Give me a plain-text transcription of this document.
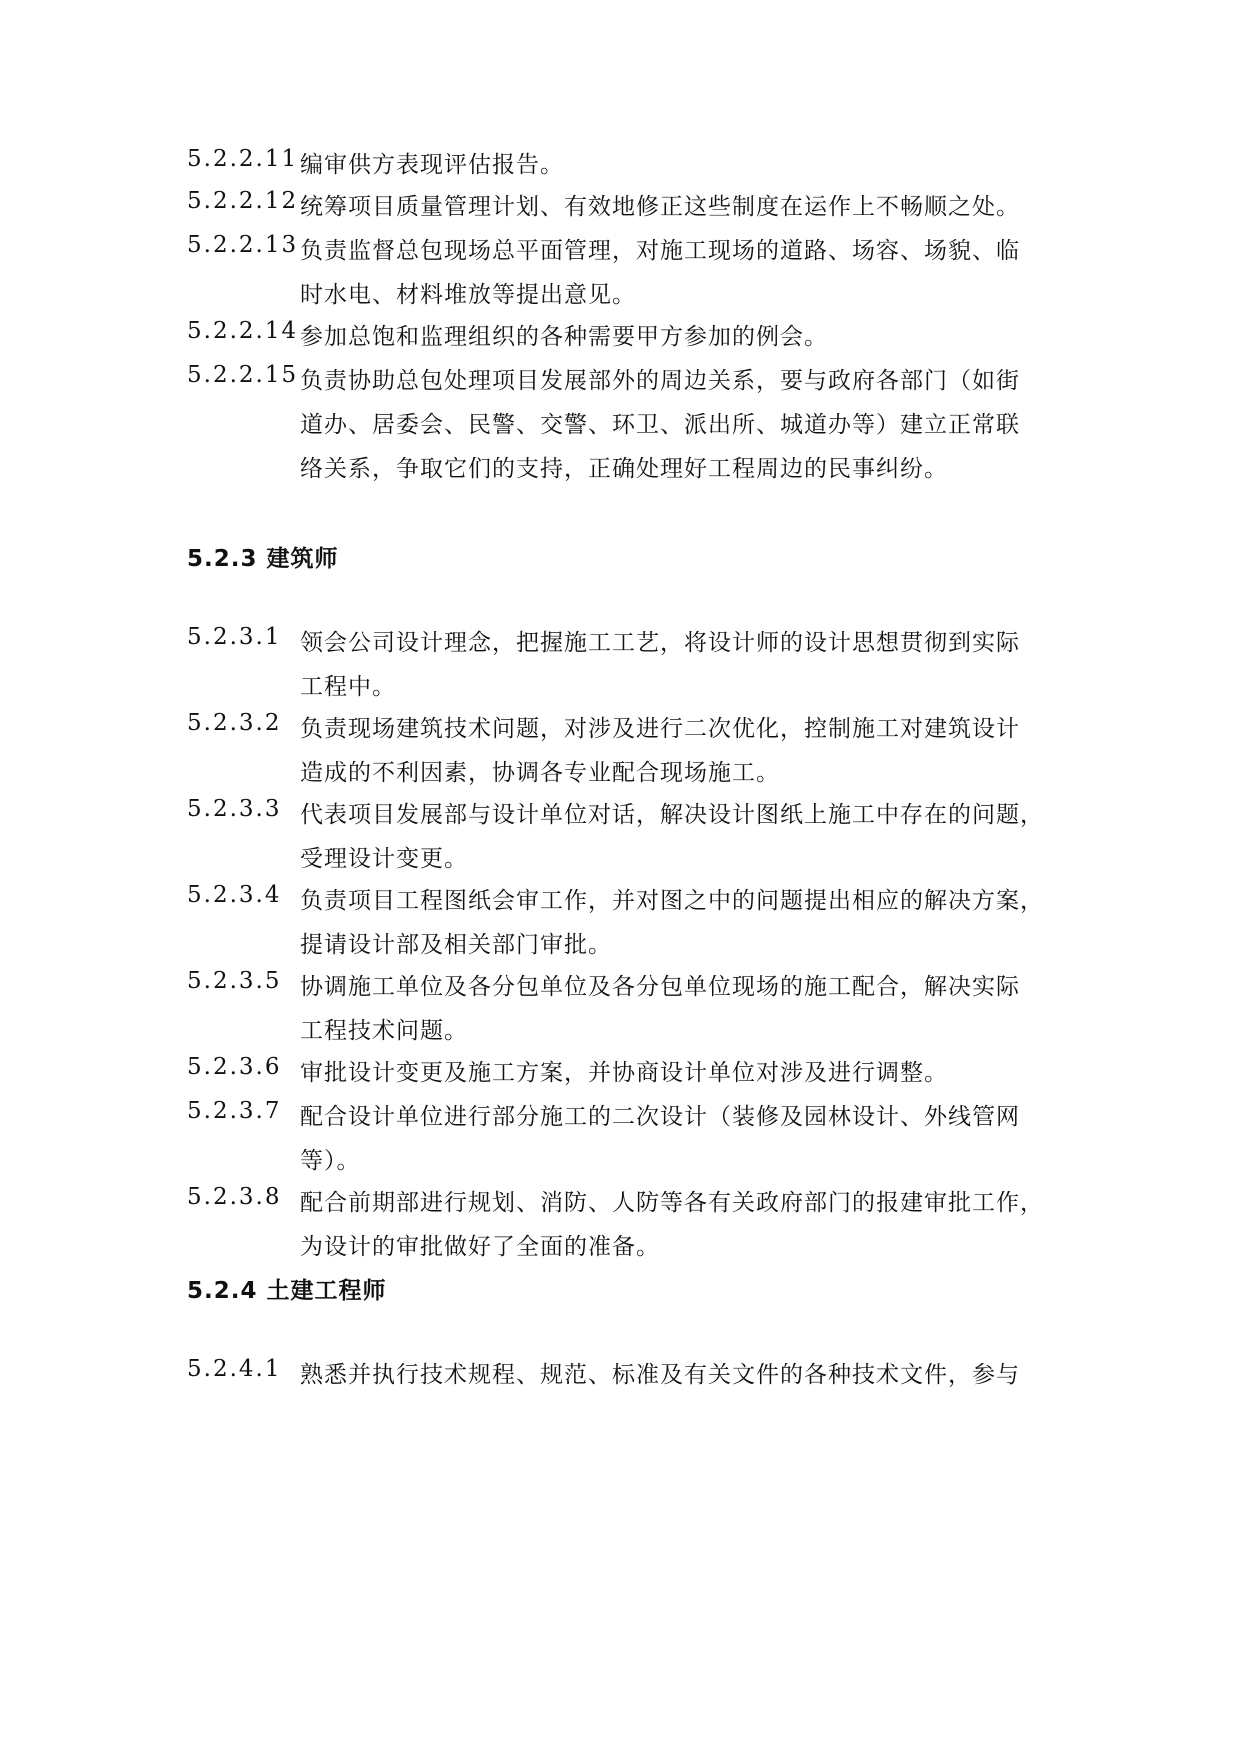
5.2.2.11 编审供方表现评估报告。
5.2.2.12 统筹项目质量管理计划、有效地修正这些制度在运作上不畅顺之处。
5.2.2.13 负责监督总包现场总平面管理，对施工现场的道路、场容、场貌、临
时水电、材料堆放等提出意见。
5.2.2.14 参加总饱和监理组织的各种需要甲方参加的例会。
5.2.2.15 负责协助总包处理项目发展部外的周边关系，要与政府各部门（如街
道办、居委会、民警、交警、环卫、派出所、城道办等）建立正常联
络关系，争取它们的支持，正确处理好工程周边的民事纠纷。
5.2.3 建筑师
5.2.3.1 领会公司设计理念，把握施工工艺，将设计师的设计思想贯彻到实际
工程中。
5.2.3.2 负责现场建筑技术问题，对涉及进行二次优化，控制施工对建筑设计
造成的不利因素，协调各专业配合现场施工。
5.2.3.3 代表项目发展部与设计单位对话，解决设计图纸上施工中存在的问题，
受理设计变更。
5.2.3.4 负责项目工程图纸会审工作，并对图之中的问题提出相应的解决方案，
提请设计部及相关部门审批。
5.2.3.5 协调施工单位及各分包单位及各分包单位现场的施工配合，解决实际
工程技术问题。
5.2.3.6 审批设计变更及施工方案，并协商设计单位对涉及进行调整。
5.2.3.7 配合设计单位进行部分施工的二次设计（装修及园林设计、外线管网
等）。
5.2.3.8 配合前期部进行规划、消防、人防等各有关政府部门的报建审批工作，
为设计的审批做好了全面的准备。
5.2.4 土建工程师
5.2.4.1 熟悉并执行技术规程、规范、标准及有关文件的各种技术文件，参与
